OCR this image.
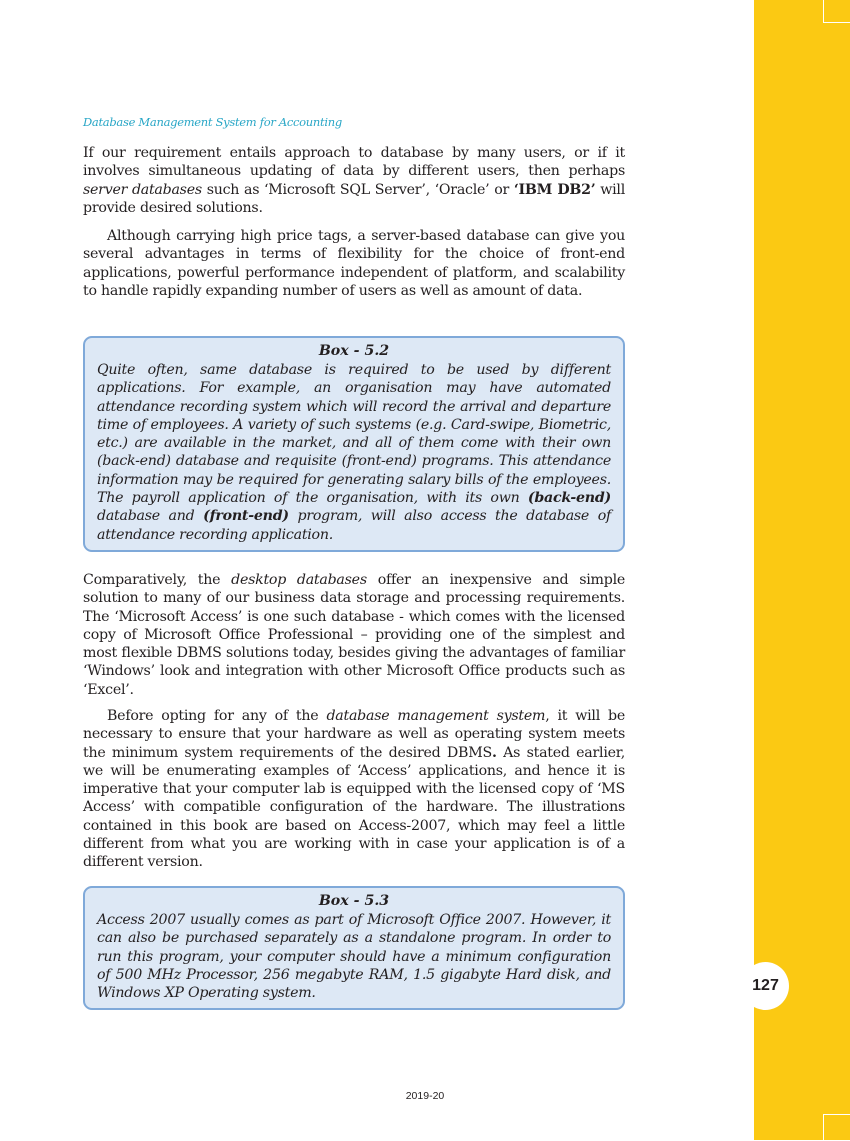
127
Database Management System for Accounting

If our requirement entails approach to database by many users, or if it involves simultaneous updating of data by different users, then perhaps server databases such as ‘Microsoft SQL Server’, ‘Oracle’ or ‘IBM DB2’ will provide desired solutions.

Although carrying high price tags, a server-based database can give you several advantages in terms of flexibility for the choice of front-end applications, powerful performance independent of platform, and scalability to handle rapidly expanding number of users as well as amount of data.

Box - 5.2

Quite often, same database is required to be used by different applications. For example, an organisation may have automated attendance recording system which will record the arrival and departure time of employees. A variety of such systems (e.g. Card-swipe, Biometric, etc.) are available in the market, and all of them come with their own (back-end) database and requisite (front-end) programs. This attendance information may be required for generating salary bills of the employees. The payroll application of the organisation, with its own (back-end) database and (front-end) program, will also access the database of attendance recording application.

Comparatively, the desktop databases offer an inexpensive and simple solution to many of our business data storage and processing requirements. The ‘Microsoft Access’ is one such database - which comes with the licensed copy of Microsoft Office Professional – providing one of the simplest and most flexible DBMS solutions today, besides giving the advantages of familiar ‘Windows’ look and integration with other Microsoft Office products such as ‘Excel’.

Before opting for any of the database management system, it will be necessary to ensure that your hardware as well as operating system meets the minimum system requirements of the desired DBMS. As stated earlier, we will be enumerating examples of ‘Access’ applications, and hence it is imperative that your computer lab is equipped with the licensed copy of ‘MS Access’ with compatible configuration of the hardware. The illustrations contained in this book are based on Access-2007, which may feel a little different from what you are working with in case your application is of a different version.

Box - 5.3

Access 2007 usually comes as part of Microsoft Office 2007. However, it can also be purchased separately as a standalone program. In order to run this program, your computer should have a minimum configuration of 500 MHz Processor, 256 megabyte RAM, 1.5 gigabyte Hard disk, and Windows XP Operating system.

2019-20
